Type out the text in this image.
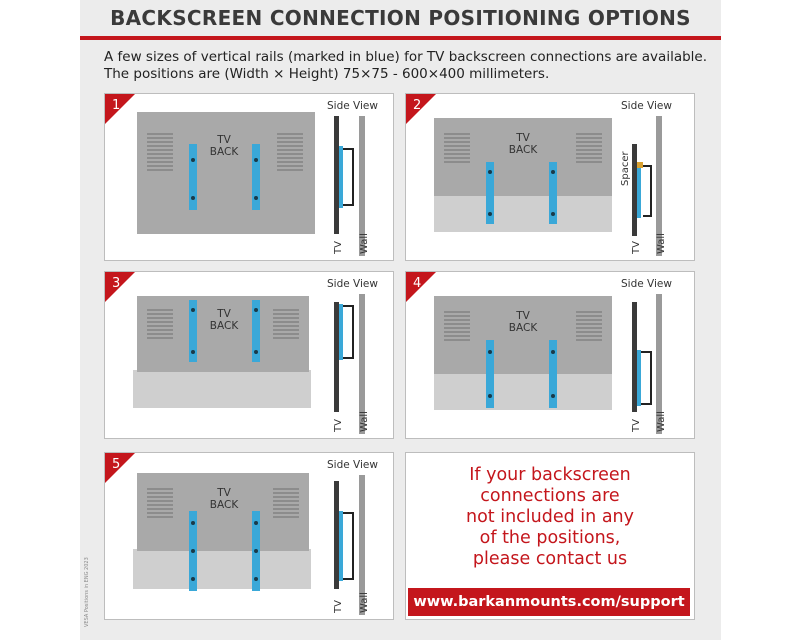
BACKSCREEN CONNECTION POSITIONING OPTIONS
A few sizes of vertical rails (marked in blue) for TV backscreen connections are available.
The positions are (Width × Height) 75×75 - 600×400 millimeters.
1
TV
BACK
Side View
TV Wall
2
TV
BACK
Side View
Spacer
TV Wall
3
TV
BACK
Side View
TV Wall
4
TV
BACK
Side View
TV Wall
5
TV
BACK
Side View
TV Wall
If your backscreen
connections are
not included in any
of the positions,
please contact us
www.barkanmounts.com/support
VESA Positions in ENG 2023
